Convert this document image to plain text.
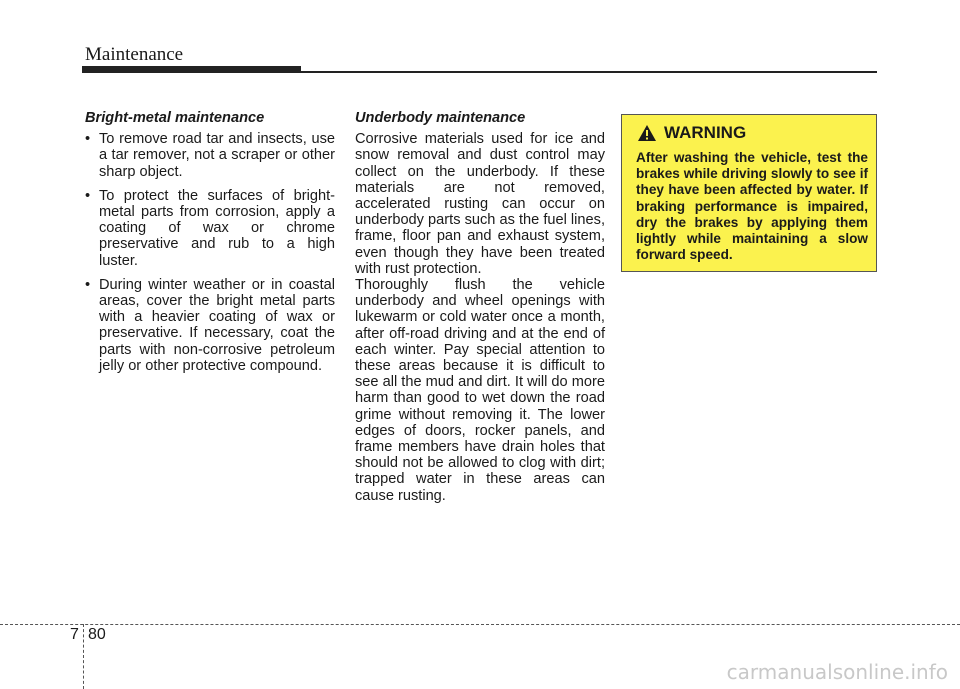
Maintenance
Bright-metal maintenance
• To remove road tar and insects, use a tar remover, not a scraper or other sharp object.
• To protect the surfaces of bright-metal parts from corrosion, apply a coating of wax or chrome preservative and rub to a high luster.
• During winter weather or in coastal areas, cover the bright metal parts with a heavier coating of wax or preservative. If necessary, coat the parts with non-corrosive petroleum jelly or other protective compound.
Underbody maintenance

Corrosive materials used for ice and snow removal and dust control may collect on the underbody. If these materials are not removed, accelerated rusting can occur on underbody parts such as the fuel lines, frame, floor pan and exhaust system, even though they have been treated with rust protection.

Thoroughly flush the vehicle underbody and wheel openings with lukewarm or cold water once a month, after off-road driving and at the end of each winter. Pay special attention to these areas because it is difficult to see all the mud and dirt. It will do more harm than good to wet down the road grime without removing it. The lower edges of doors, rocker panels, and frame members have drain holes that should not be allowed to clog with dirt; trapped water in these areas can cause rusting.

WARNING
After washing the vehicle, test the brakes while driving slowly to see if they have been affected by water. If braking performance is impaired, dry the brakes by applying them lightly while maintaining a slow forward speed.
7 80
carmanualsonline.info
